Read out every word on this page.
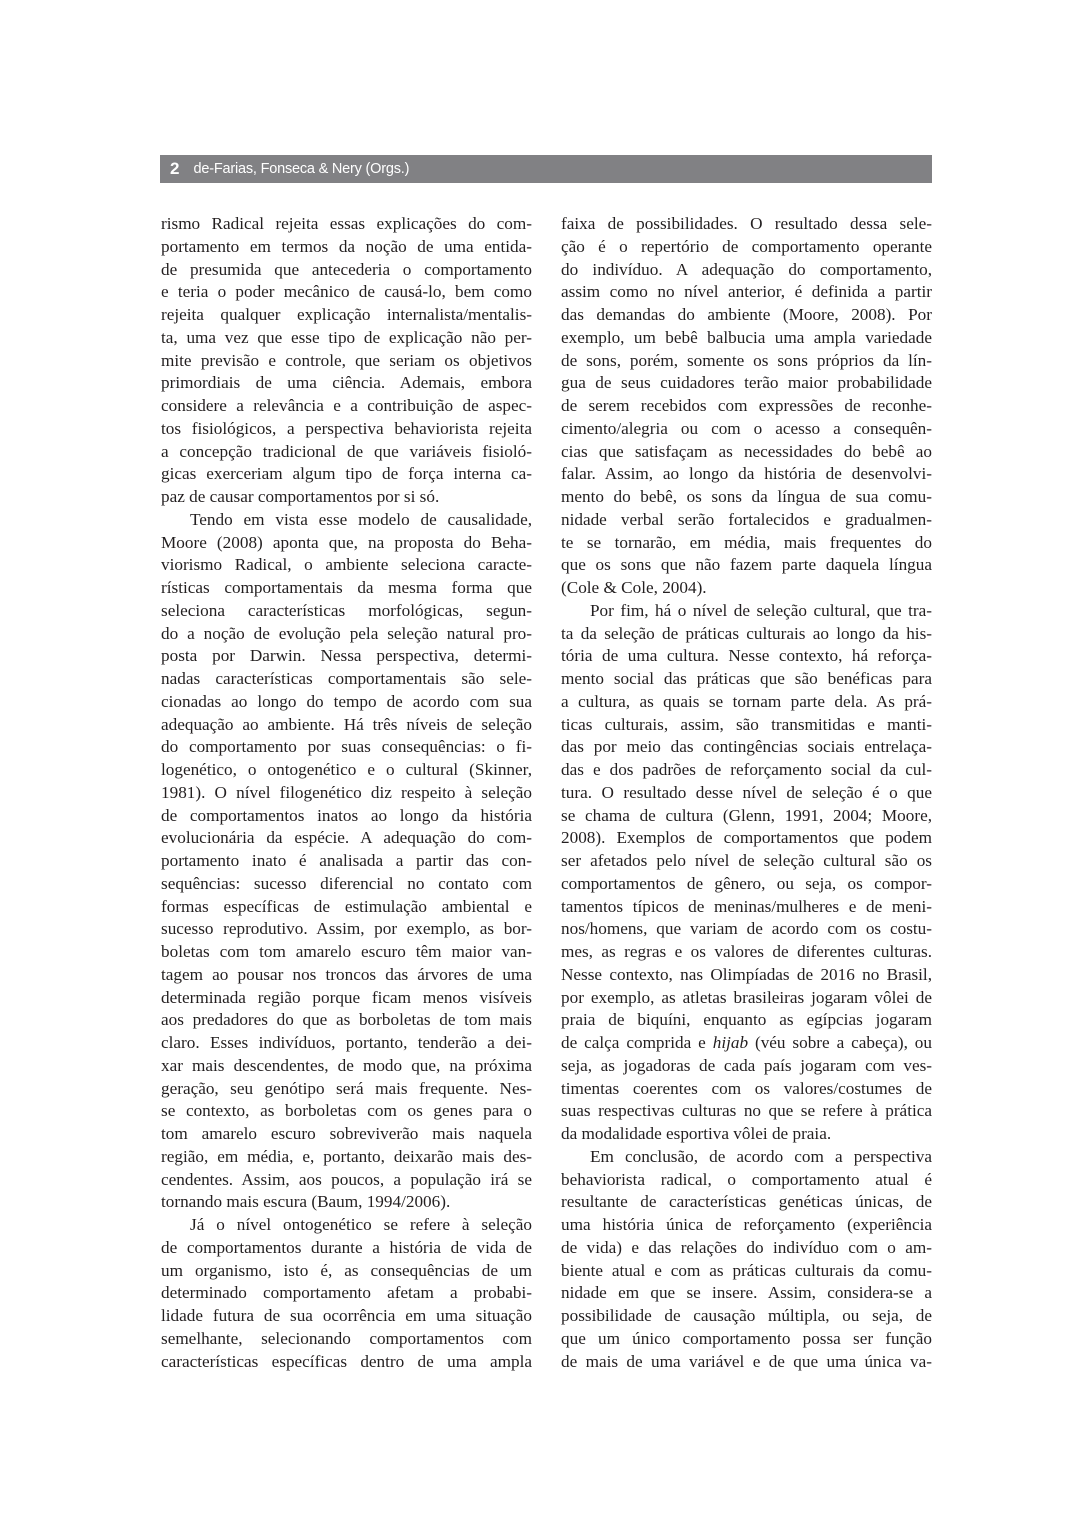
2 de-Farias, Fonseca & Nery (Orgs.)
rismo Radical rejeita essas explicações do com-
portamento em termos da noção de uma entida-
de presumida que antecederia o comportamento
e teria o poder mecânico de causá-lo, bem como
rejeita qualquer explicação internalista/mentalis-
ta, uma vez que esse tipo de explicação não per-
mite previsão e controle, que seriam os objetivos
primordiais de uma ciência. Ademais, embora
considere a relevância e a contribuição de aspec-
tos fisiológicos, a perspectiva behaviorista rejeita
a concepção tradicional de que variáveis fisioló-
gicas exerceriam algum tipo de força interna ca-
paz de causar comportamentos por si só.
Tendo em vista esse modelo de causalidade,
Moore (2008) aponta que, na proposta do Beha-
viorismo Radical, o ambiente seleciona caracte-
rísticas comportamentais da mesma forma que
seleciona características morfológicas, segun-
do a noção de evolução pela seleção natural pro-
posta por Darwin. Nessa perspectiva, determi-
nadas características comportamentais são sele-
cionadas ao longo do tempo de acordo com sua
adequação ao ambiente. Há três níveis de seleção
do comportamento por suas consequências: o fi-
logenético, o ontogenético e o cultural (Skinner,
1981). O nível filogenético diz respeito à seleção
de comportamentos inatos ao longo da história
evolucionária da espécie. A adequação do com-
portamento inato é analisada a partir das con-
sequências: sucesso diferencial no contato com
formas específicas de estimulação ambiental e
sucesso reprodutivo. Assim, por exemplo, as bor-
boletas com tom amarelo escuro têm maior van-
tagem ao pousar nos troncos das árvores de uma
determinada região porque ficam menos visíveis
aos predadores do que as borboletas de tom mais
claro. Esses indivíduos, portanto, tenderão a dei-
xar mais descendentes, de modo que, na próxima
geração, seu genótipo será mais frequente. Nes-
se contexto, as borboletas com os genes para o
tom amarelo escuro sobreviverão mais naquela
região, em média, e, portanto, deixarão mais des-
cendentes. Assim, aos poucos, a população irá se
tornando mais escura (Baum, 1994/2006).
Já o nível ontogenético se refere à seleção
de comportamentos durante a história de vida de
um organismo, isto é, as consequências de um
determinado comportamento afetam a probabi-
lidade futura de sua ocorrência em uma situação
semelhante, selecionando comportamentos com
características específicas dentro de uma ampla
faixa de possibilidades. O resultado dessa sele-
ção é o repertório de comportamento operante
do indivíduo. A adequação do comportamento,
assim como no nível anterior, é definida a partir
das demandas do ambiente (Moore, 2008). Por
exemplo, um bebê balbucia uma ampla variedade
de sons, porém, somente os sons próprios da lín-
gua de seus cuidadores terão maior probabilidade
de serem recebidos com expressões de reconhe-
cimento/alegria ou com o acesso a consequên-
cias que satisfaçam as necessidades do bebê ao
falar. Assim, ao longo da história de desenvolvi-
mento do bebê, os sons da língua de sua comu-
nidade verbal serão fortalecidos e gradualmen-
te se tornarão, em média, mais frequentes do
que os sons que não fazem parte daquela língua
(Cole & Cole, 2004).
Por fim, há o nível de seleção cultural, que tra-
ta da seleção de práticas culturais ao longo da his-
tória de uma cultura. Nesse contexto, há reforça-
mento social das práticas que são benéficas para
a cultura, as quais se tornam parte dela. As prá-
ticas culturais, assim, são transmitidas e manti-
das por meio das contingências sociais entrelaça-
das e dos padrões de reforçamento social da cul-
tura. O resultado desse nível de seleção é o que
se chama de cultura (Glenn, 1991, 2004; Moore,
2008). Exemplos de comportamentos que podem
ser afetados pelo nível de seleção cultural são os
comportamentos de gênero, ou seja, os compor-
tamentos típicos de meninas/mulheres e de meni-
nos/homens, que variam de acordo com os costu-
mes, as regras e os valores de diferentes culturas.
Nesse contexto, nas Olimpíadas de 2016 no Brasil,
por exemplo, as atletas brasileiras jogaram vôlei de
praia de biquíni, enquanto as egípcias jogaram
de calça comprida e hijab (véu sobre a cabeça), ou
seja, as jogadoras de cada país jogaram com ves-
timentas coerentes com os valores/costumes de
suas respectivas culturas no que se refere à prática
da modalidade esportiva vôlei de praia.
Em conclusão, de acordo com a perspectiva
behaviorista radical, o comportamento atual é
resultante de características genéticas únicas, de
uma história única de reforçamento (experiência
de vida) e das relações do indivíduo com o am-
biente atual e com as práticas culturais da comu-
nidade em que se insere. Assim, considera-se a
possibilidade de causação múltipla, ou seja, de
que um único comportamento possa ser função
de mais de uma variável e de que uma única va-
